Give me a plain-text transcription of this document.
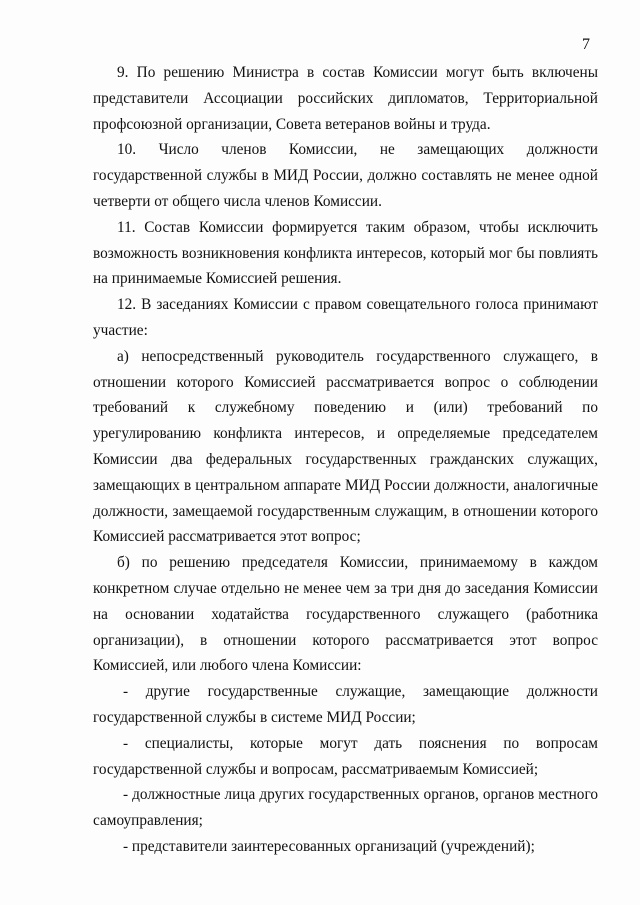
7

9. По решению Министра в состав Комиссии могут быть включены представители Ассоциации российских дипломатов, Территориальной профсоюзной организации, Совета ветеранов войны и труда.

10. Число членов Комиссии, не замещающих должности государственной службы в МИД России, должно составлять не менее одной четверти от общего числа членов Комиссии.

11. Состав Комиссии формируется таким образом, чтобы исключить возможность возникновения конфликта интересов, который мог бы повлиять на принимаемые Комиссией решения.

12. В заседаниях Комиссии с правом совещательного голоса принимают участие:

а) непосредственный руководитель государственного служащего, в отношении которого Комиссией рассматривается вопрос о соблюдении требований к служебному поведению и (или) требований по урегулированию конфликта интересов, и определяемые председателем Комиссии два федеральных государственных гражданских служащих, замещающих в центральном аппарате МИД России должности, аналогичные должности, замещаемой государственным служащим, в отношении которого Комиссией рассматривается этот вопрос;

б) по решению председателя Комиссии, принимаемому в каждом конкретном случае отдельно не менее чем за три дня до заседания Комиссии на основании ходатайства государственного служащего (работника организации), в отношении которого рассматривается этот вопрос Комиссией, или любого члена Комиссии:

- другие государственные служащие, замещающие должности государственной службы в системе МИД России;

- специалисты, которые могут дать пояснения по вопросам государственной службы и вопросам, рассматриваемым Комиссией;

- должностные лица других государственных органов, органов местного самоуправления;

- представители заинтересованных организаций (учреждений);
